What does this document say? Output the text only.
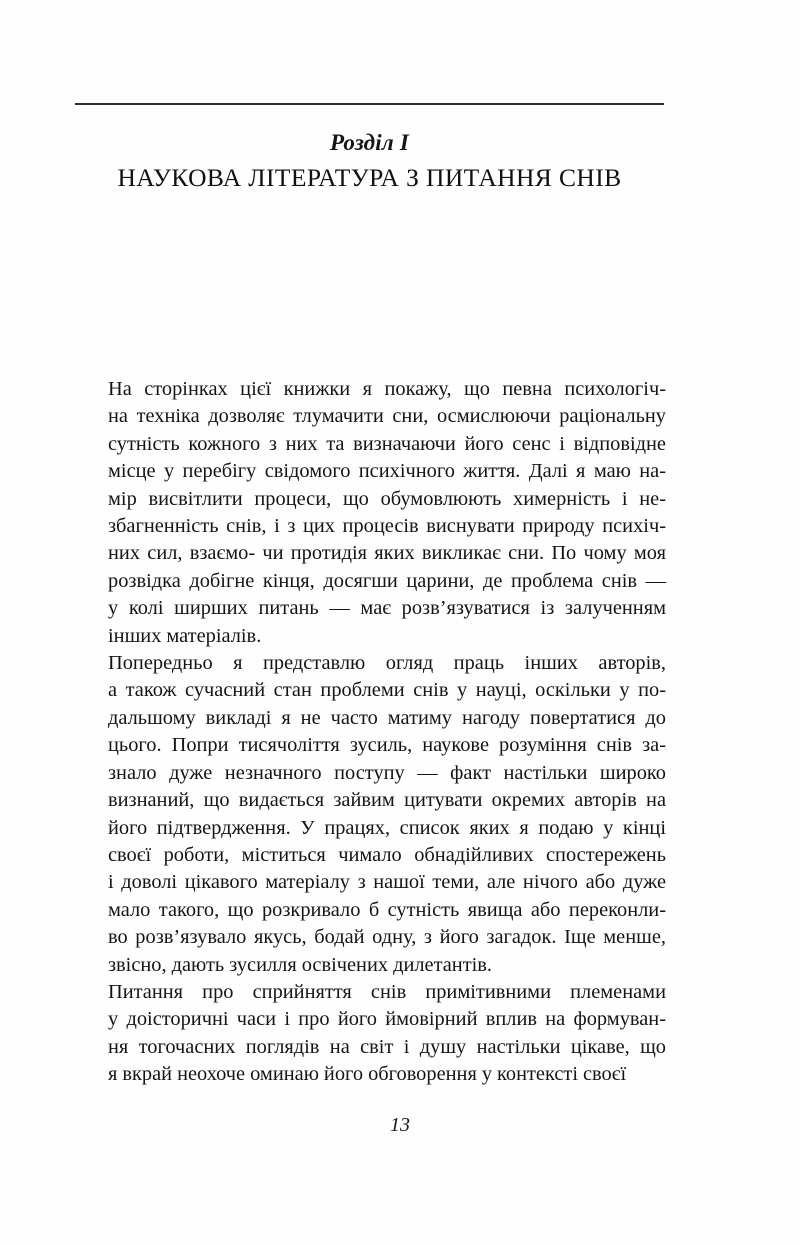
Розділ I
НАУКОВА ЛІТЕРАТУРА З ПИТАННЯ СНІВ

На сторінках цієї книжки я покажу, що певна психологіч-
на техніка дозволяє тлумачити сни, осмислюючи раціональну
сутність кожного з них та визначаючи його сенс і відповідне
місце у перебігу свідомого психічного життя. Далі я маю на-
мір висвітлити процеси, що обумовлюють химерність і не-
збагненність снів, і з цих процесів виснувати природу психіч-
них сил, взаємо- чи протидія яких викликає сни. По чому моя
розвідка добігне кінця, досягши царини, де проблема снів —
у колі ширших питань — має розв’язуватися із залученням
інших матеріалів.

Попередньо я представлю огляд праць інших авторів,
а також сучасний стан проблеми снів у науці, оскільки у по-
дальшому викладі я не часто матиму нагоду повертатися до
цього. Попри тисячоліття зусиль, наукове розуміння снів за-
знало дуже незначного поступу — факт настільки широко
визнаний, що видається зайвим цитувати окремих авторів на
його підтвердження. У працях, список яких я подаю у кінці
своєї роботи, міститься чимало обнадійливих спостережень
і доволі цікавого матеріалу з нашої теми, але нічого або дуже
мало такого, що розкривало б сутність явища або переконли-
во розв’язувало якусь, бодай одну, з його загадок. Іще менше,
звісно, дають зусилля освічених дилетантів.

Питання про сприйняття снів примітивними племенами
у доісторичні часи і про його ймовірний вплив на формуван-
ня тогочасних поглядів на світ і душу настільки цікаве, що
я вкрай неохоче оминаю його обговорення у контексті своєї

13
